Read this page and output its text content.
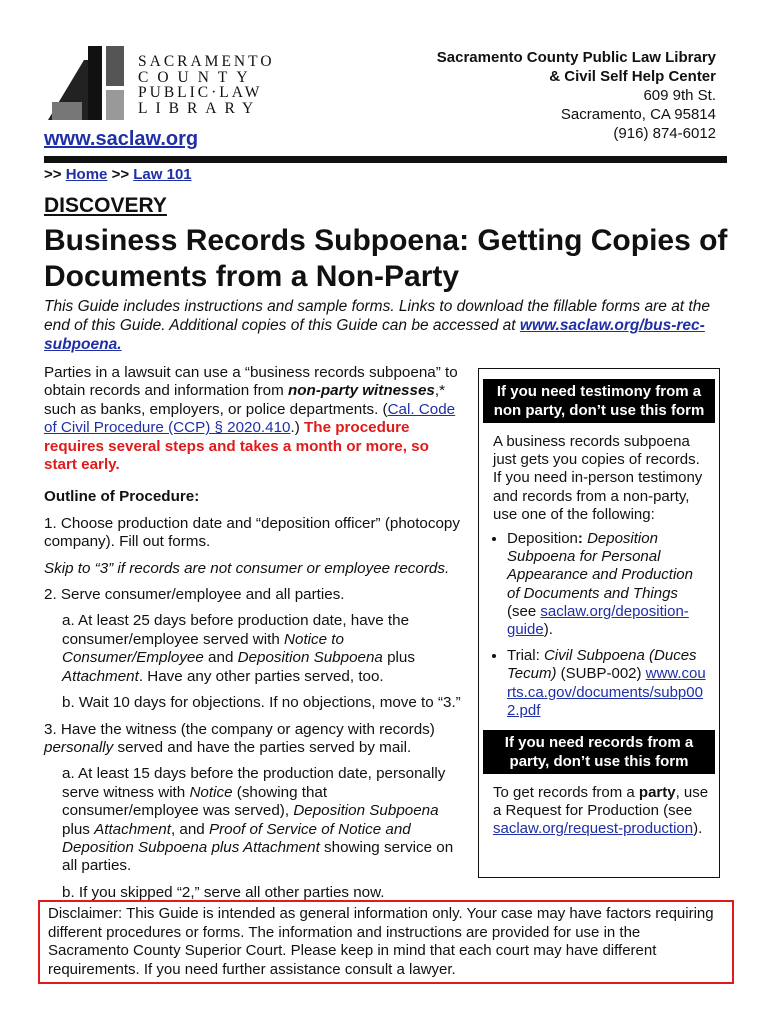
SACRAMENTO
COUNTY
PUBLIC·LAW
LIBRARY
www.saclaw.org
Sacramento County Public Law Library
& Civil Self Help Center
609 9th St.
Sacramento, CA 95814
(916) 874-6012
>> Home >> Law 101
DISCOVERY
Business Records Subpoena: Getting Copies of Documents from a Non-Party

This Guide includes instructions and sample forms. Links to download the fillable forms are at the end of this Guide. Additional copies of this Guide can be accessed at www.saclaw.org/bus-rec-subpoena.

Parties in a lawsuit can use a “business records subpoena” to obtain records and information from non-party witnesses,* such as banks, employers, or police departments. (Cal. Code of Civil Procedure (CCP) § 2020.410.) The procedure requires several steps and takes a month or more, so start early.

Outline of Procedure:

1. Choose production date and “deposition officer” (photocopy company). Fill out forms.

Skip to “3” if records are not consumer or employee records.

2. Serve consumer/employee and all parties.

a. At least 25 days before production date, have the consumer/employee served with Notice to Consumer/Employee and Deposition Subpoena plus Attachment. Have any other parties served, too.

b. Wait 10 days for objections. If no objections, move to “3.”

3. Have the witness (the company or agency with records) personally served and have the parties served by mail.

a. At least 15 days before the production date, personally serve witness with Notice (showing that consumer/employee was served), Deposition Subpoena plus Attachment, and Proof of Service of Notice and Deposition Subpoena plus Attachment showing service on all parties.

b. If you skipped “2,” serve all other parties now.

If you need testimony from a non party, don’t use this form

A business records subpoena just gets you copies of records. If you need in-person testimony and records from a non-party, use one of the following:

• Deposition: Deposition Subpoena for Personal Appearance and Production of Documents and Things (see saclaw.org/deposition-guide).
• Trial: Civil Subpoena (Duces Tecum) (SUBP-002) www.courts.ca.gov/documents/subp002.pdf
If you need records from a party, don’t use this form

To get records from a party, use a Request for Production (see saclaw.org/request-production).

Disclaimer: This Guide is intended as general information only. Your case may have factors requiring different procedures or forms. The information and instructions are provided for use in the Sacramento County Superior Court. Please keep in mind that each court may have different requirements. If you need further assistance consult a lawyer.
